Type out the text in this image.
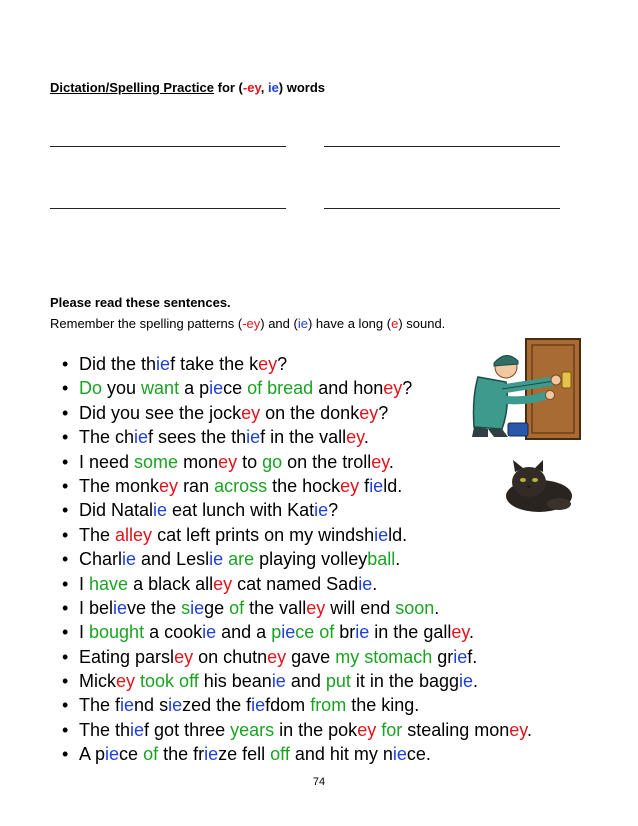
Dictation/Spelling Practice for (-ey, ie) words

Please read these sentences.

Remember the spelling patterns (-ey) and (ie) have a long (e) sound.

• Did the thief take the key?
• Do you want a piece of bread and honey?
• Did you see the jockey on the donkey?
• The chief sees the thief in the valley.
• I need some money to go on the trolley.
• The monkey ran across the hockey field.
• Did Natalie eat lunch with Katie?
• The alley cat left prints on my windshield.
• Charlie and Leslie are playing volleyball.
• I have a black alley cat named Sadie.
• I believe the siege of the valley will end soon.
• I bought a cookie and a piece of brie in the galley.
• Eating parsley on chutney gave my stomach grief.
• Mickey took off his beanie and put it in the baggie.
• The fiend siezed the fiefdom from the king.
• The thief got three years in the pokey for stealing money.
• A piece of the frieze fell off and hit my niece.

74
